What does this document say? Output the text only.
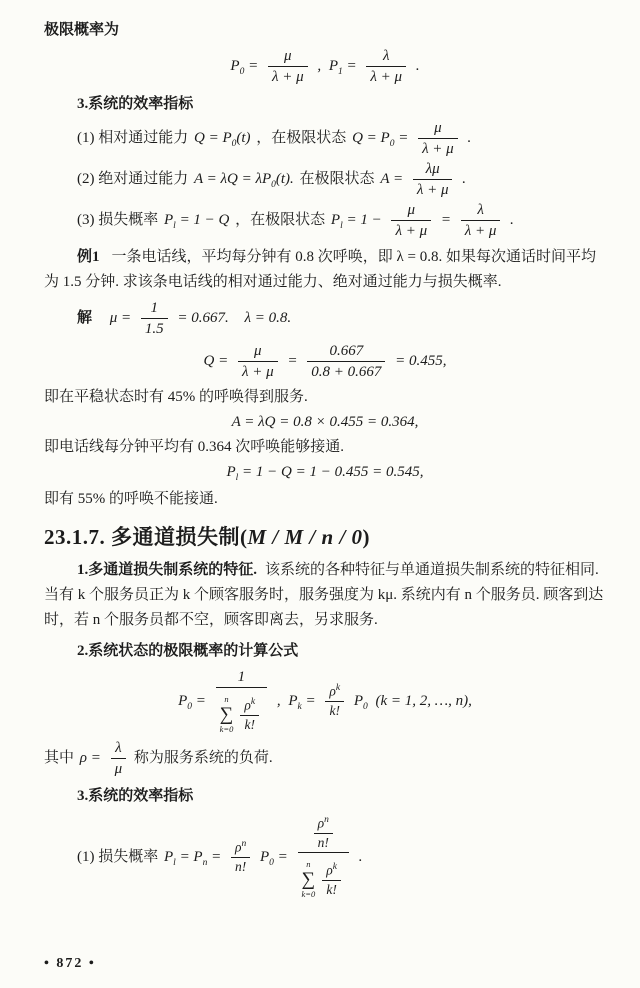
极限概率为

$P_0 = \frac{\mu}{\lambda + \mu}$ , $P_1 = \frac{\lambda}{\lambda + \mu}$ .

3.系统的效率指标

(1) 相对通过能力 $Q = P_0(t)$ ，在极限状态 $Q = P_0 = \frac{\mu}{\lambda + \mu}$ .

(2) 绝对通过能力 $A = \lambda Q = \lambda P_0(t)$. 在极限状态 $A = \frac{\lambda\mu}{\lambda + \mu}$ .

(3) 损失概率 $P_l = 1 - Q$ ，在极限状态 $P_l = 1 - \frac{\mu}{\lambda + \mu} = \frac{\lambda}{\lambda + \mu}$ .

例1 一条电话线，平均每分钟有 0.8 次呼唤，即 λ = 0.8. 如果每次通话时间平均为 1.5 分钟. 求该条电话线的相对通过能力、绝对通过能力与损失概率.

解 $\mu = \frac{1}{1.5} = 0.667$. λ = 0.8.

$Q = \frac{\mu}{\lambda + \mu} = \frac{0.667}{0.8 + 0.667} = 0.455$,

即在平稳状态时有 45% 的呼唤得到服务.

A = λQ = 0.8 × 0.455 = 0.364,

即电话线每分钟平均有 0.364 次呼唤能够接通.

$P_l = 1 - Q = 1 - 0.455 = 0.545$,

即有 55% 的呼唤不能接通.

23.1.7. 多通道损失制(M / M / n / 0)

1.多通道损失制系统的特征. 该系统的各种特征与单通道损失制系统的特征相同. 当有 k 个服务员正为 k 个顾客服务时，服务强度为 kμ. 系统内有 n 个服务员. 顾客到达时，若 n 个服务员都不空，顾客即离去，另求服务.

2.系统状态的极限概率的计算公式

$P_0 = 1$
n
∑
$k=0 \frac{\rho^k}{k!}$ , $P_k = \frac{\rho^k}{k!} P_0$ (k = 1, 2, …, n),

其中 $\rho = \frac{\lambda}{\mu}$ 称为服务系统的负荷.

3.系统的效率指标

(1) 损失概率 $P_l = P_n = \frac{\rho^n}{n!} P_0 = \frac{\rho^n}{n!}$
n
∑
$k=0 \frac{\rho^k}{k!}$ .
• 872 •
